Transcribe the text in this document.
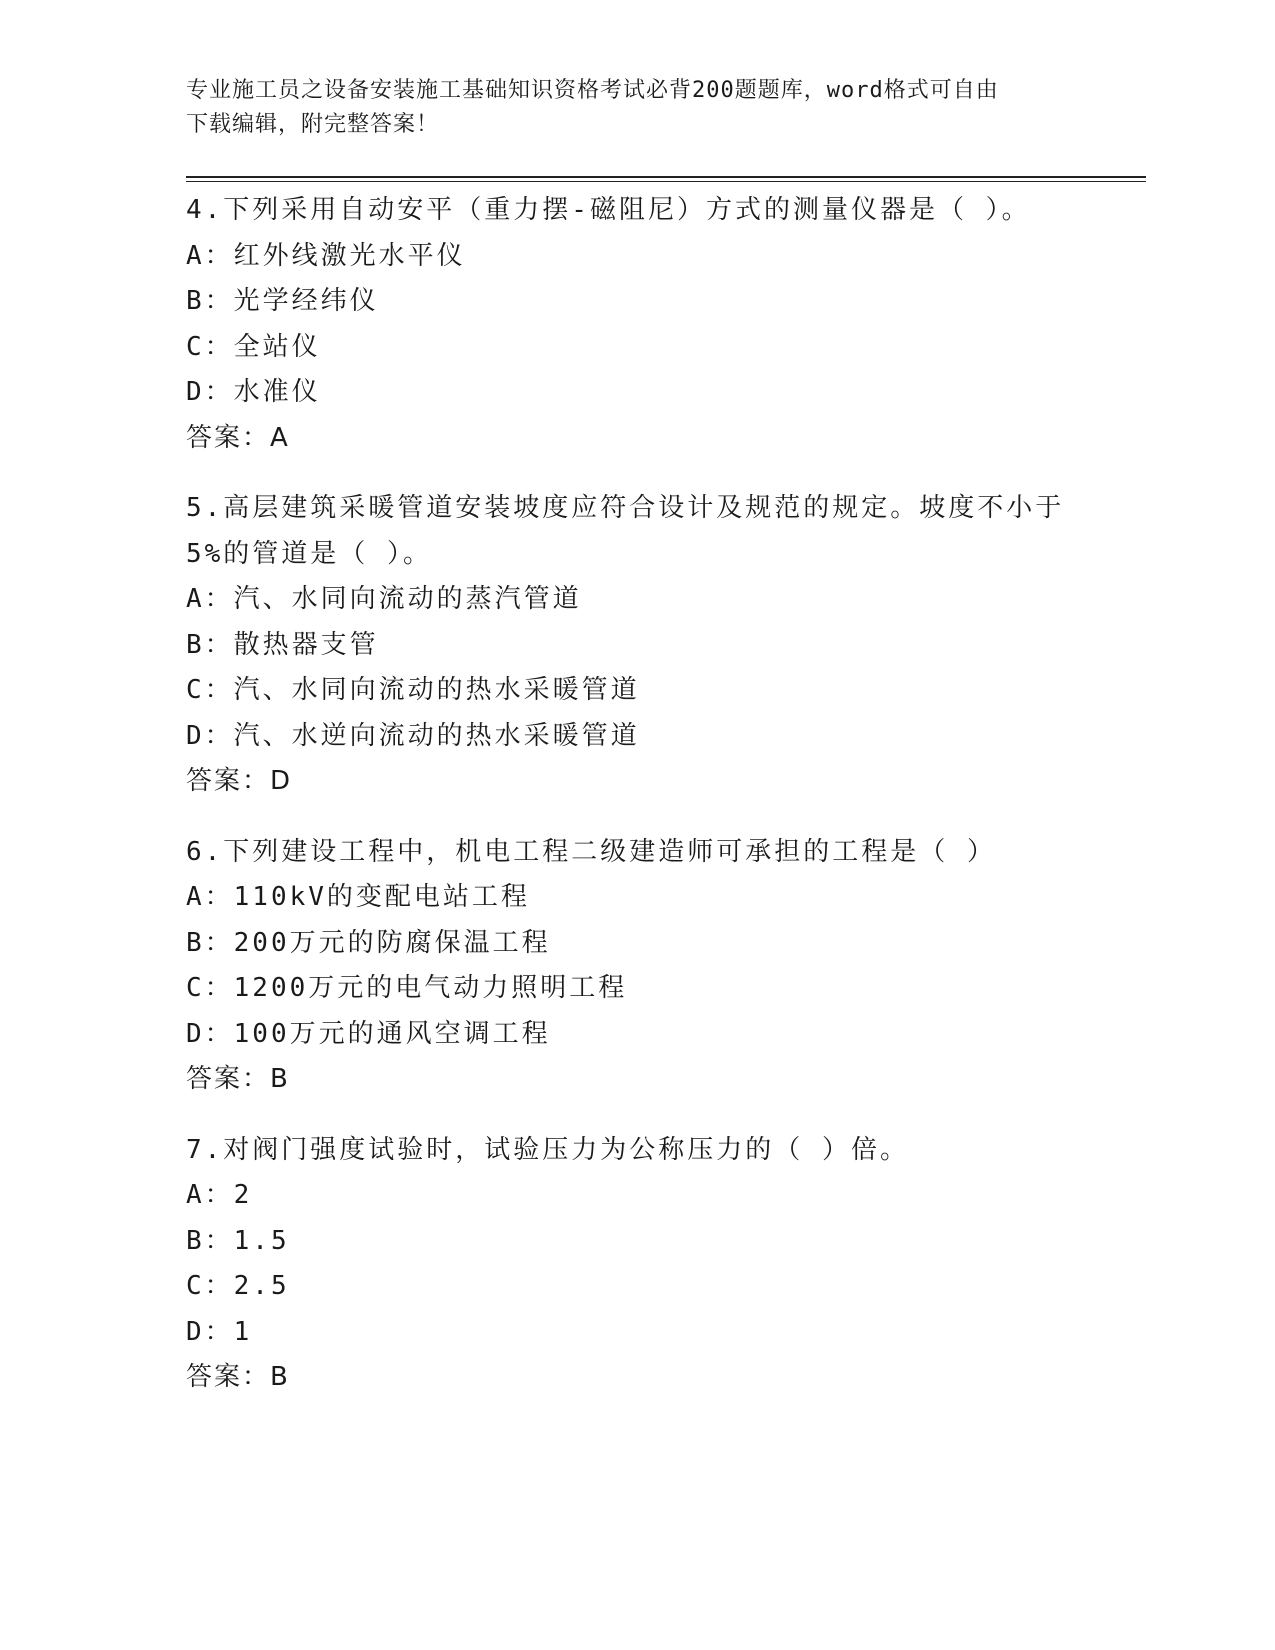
专业施工员之设备安装施工基础知识资格考试必背200题题库，word格式可自由
下载编辑，附完整答案！
4.下列采用自动安平（重力摆-磁阻尼）方式的测量仪器是（ ）。
A：红外线激光水平仪
B：光学经纬仪
C：全站仪
D：水准仪
答案：A
5.高层建筑采暖管道安装坡度应符合设计及规范的规定。坡度不小于
5%的管道是（ ）。
A：汽、水同向流动的蒸汽管道
B：散热器支管
C：汽、水同向流动的热水采暖管道
D：汽、水逆向流动的热水采暖管道
答案：D
6.下列建设工程中，机电工程二级建造师可承担的工程是（ ）
A：110kV的变配电站工程
B：200万元的防腐保温工程
C：1200万元的电气动力照明工程
D：100万元的通风空调工程
答案：B
7.对阀门强度试验时，试验压力为公称压力的（ ）倍。
A：2
B：1.5
C：2.5
D：1
答案：B
